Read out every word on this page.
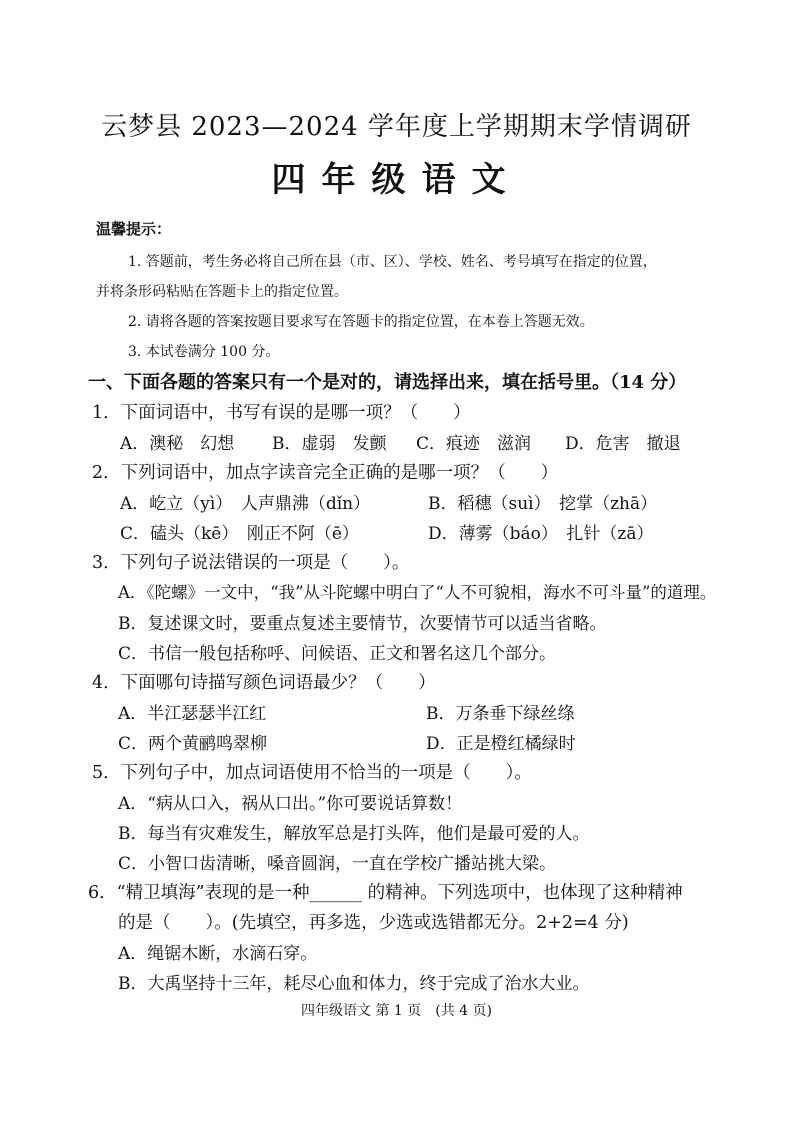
云梦县 2023—2024 学年度上学期期末学情调研
四年级语文
温馨提示：
1. 答题前，考生务必将自己所在县（市、区）、学校、姓名、考号填写在指定的位置，
并将条形码粘贴在答题卡上的指定位置。
2. 请将各题的答案按题目要求写在答题卡的指定位置，在本卷上答题无效。
3. 本试卷满分 100 分。
一、下面各题的答案只有一个是对的，请选择出来，填在括号里。（14 分）
1．下面词语中，书写有误的是哪一项？（　　）
A．澳秘　幻想 B．虚弱　发颤 C．痕迹　滋润 D．危害　撤退
2．下列词语中，加点字读音完全正确的是哪一项？（　　）
A．屹立（yì）　人声鼎沸（dǐn）	B．稻穗（suì）　挖掌（zhā）
C．磕头（kē）　刚正不阿（ē）	D．薄雾（báo）　扎针（zā）
3．下列句子说法错误的一项是（　　）。
A．《陀螺》一文中，“我”从斗陀螺中明白了“人不可貌相，海水不可斗量”的道理。
B．复述课文时，要重点复述主要情节，次要情节可以适当省略。
C．书信一般包括称呼、问候语、正文和署名这几个部分。
4．下面哪句诗描写颜色词语最少？（　　）
A．半江瑟瑟半江红	B．万条垂下绿丝绦
C．两个黄鹂鸣翠柳	D．正是橙红橘绿时
5．下列句子中，加点词语使用不恰当的一项是（　　）。
A．“病从口入，祸从口出。”你可要说话算数！
B．每当有灾难发生，解放军总是打头阵，他们是最可爱的人。
C．小智口齿清晰，嗓音圆润，一直在学校广播站挑大梁。
6．“精卫填海”表现的是一种______ 的精神。下列选项中，也体现了这种精神
的是（　　）。(先填空，再多选，少选或选错都无分。2+2=4 分)
A．绳锯木断，水滴石穿。
B．大禹坚持十三年，耗尽心血和体力，终于完成了治水大业。
四年级语文 第 1 页　(共 4 页)
